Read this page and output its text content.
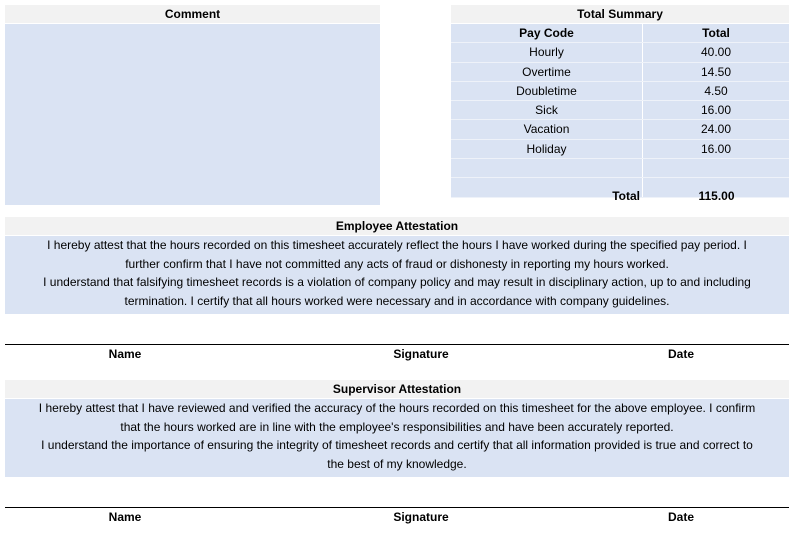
Comment	Total Summary
Pay Code	Total
Hourly	40.00
Overtime	14.50
Doubletime	4.50
Sick	16.00
Vacation	24.00
Holiday	16.00
Total	115.00
Employee Attestation
I hereby attest that the hours recorded on this timesheet accurately reflect the hours I have worked during the specified pay period. I
further confirm that I have not committed any acts of fraud or dishonesty in reporting my hours worked.
I understand that falsifying timesheet records is a violation of company policy and may result in disciplinary action, up to and including
termination. I certify that all hours worked were necessary and in accordance with company guidelines.
Name	Signature	Date
Supervisor Attestation
I hereby attest that I have reviewed and verified the accuracy of the hours recorded on this timesheet for the above employee. I confirm
that the hours worked are in line with the employee's responsibilities and have been accurately reported.
I understand the importance of ensuring the integrity of timesheet records and certify that all information provided is true and correct to
the best of my knowledge.
Name	Signature	Date
